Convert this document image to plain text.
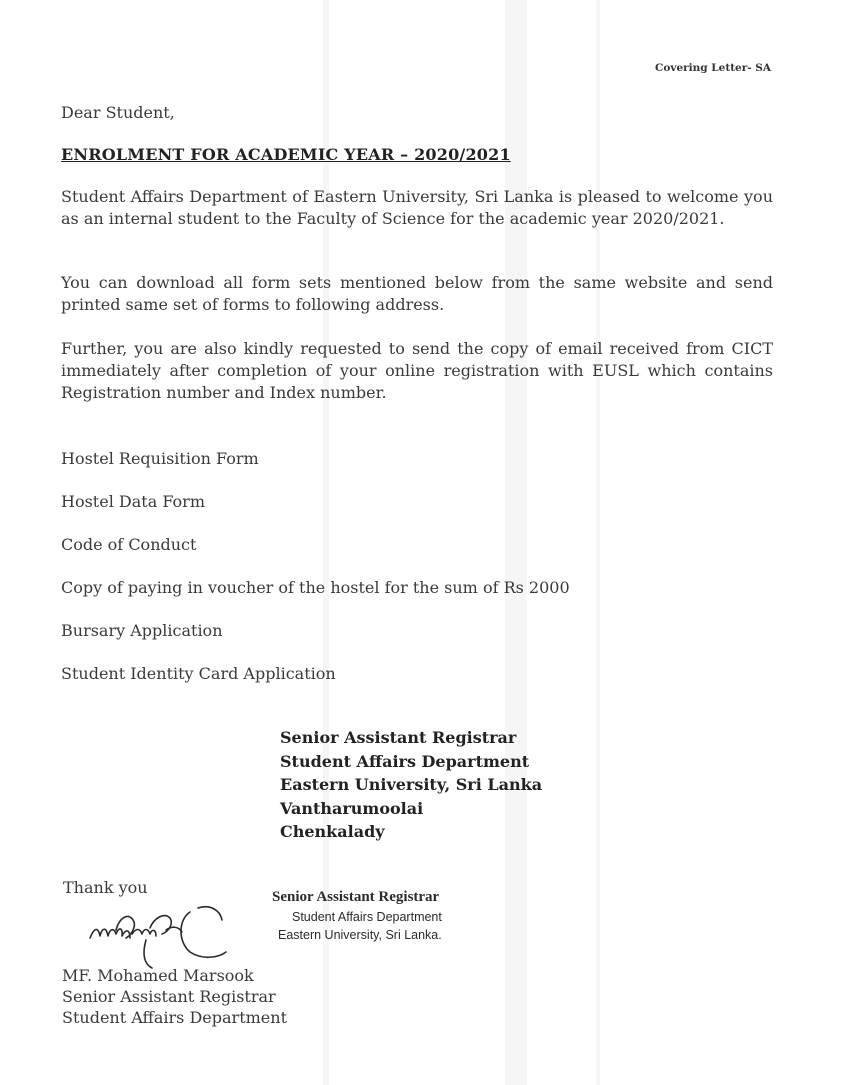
Covering Letter- SA
Dear Student,
ENROLMENT FOR ACADEMIC YEAR – 2020/2021
Student Affairs Department of Eastern University, Sri Lanka is pleased to welcome you as an internal student to the Faculty of Science for the academic year 2020/2021.
You can download all form sets mentioned below from the same website and send printed same set of forms to following address.
Further, you are also kindly requested to send the copy of email received from CICT immediately after completion of your online registration with EUSL which contains Registration number and Index number.
Hostel Requisition Form
Hostel Data Form
Code of Conduct
Copy of paying in voucher of the hostel for the sum of Rs 2000
Bursary Application
Student Identity Card Application
Senior Assistant Registrar
Student Affairs Department
Eastern University, Sri Lanka
Vantharumoolai
Chenkalady
Thank you	Senior Assistant Registrar
Student Affairs Department
Eastern University, Sri Lanka.
MF. Mohamed Marsook
Senior Assistant Registrar
Student Affairs Department
